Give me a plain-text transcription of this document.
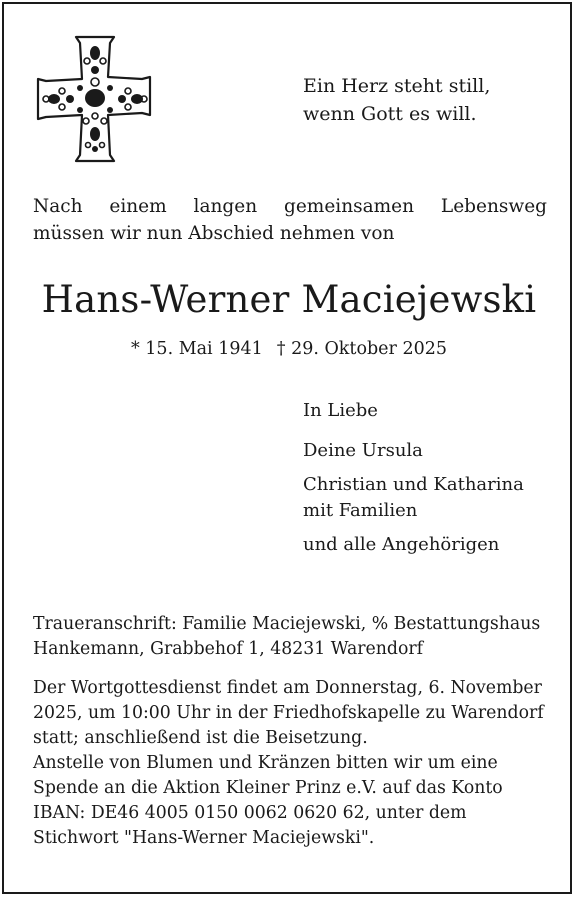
Ein Herz steht still,
wenn Gott es will.
Nach einem langen gemeinsamen Lebensweg
müssen wir nun Abschied nehmen von
Hans-Werner Maciejewski
* 15. Mai 1941 † 29. Oktober 2025
In Liebe
Deine Ursula
Christian und Katharina
mit Familien
und alle Angehörigen

Traueranschrift: Familie Maciejewski, % Bestattungshaus
Hankemann, Grabbehof 1, 48231 Warendorf

Der Wortgottesdienst findet am Donnerstag, 6. November
2025, um 10:00 Uhr in der Friedhofskapelle zu Warendorf
statt; anschließend ist die Beisetzung.

Anstelle von Blumen und Kränzen bitten wir um eine
Spende an die Aktion Kleiner Prinz e.V. auf das Konto
IBAN: DE46 4005 0150 0062 0620 62, unter dem
Stichwort "Hans-Werner Maciejewski".
